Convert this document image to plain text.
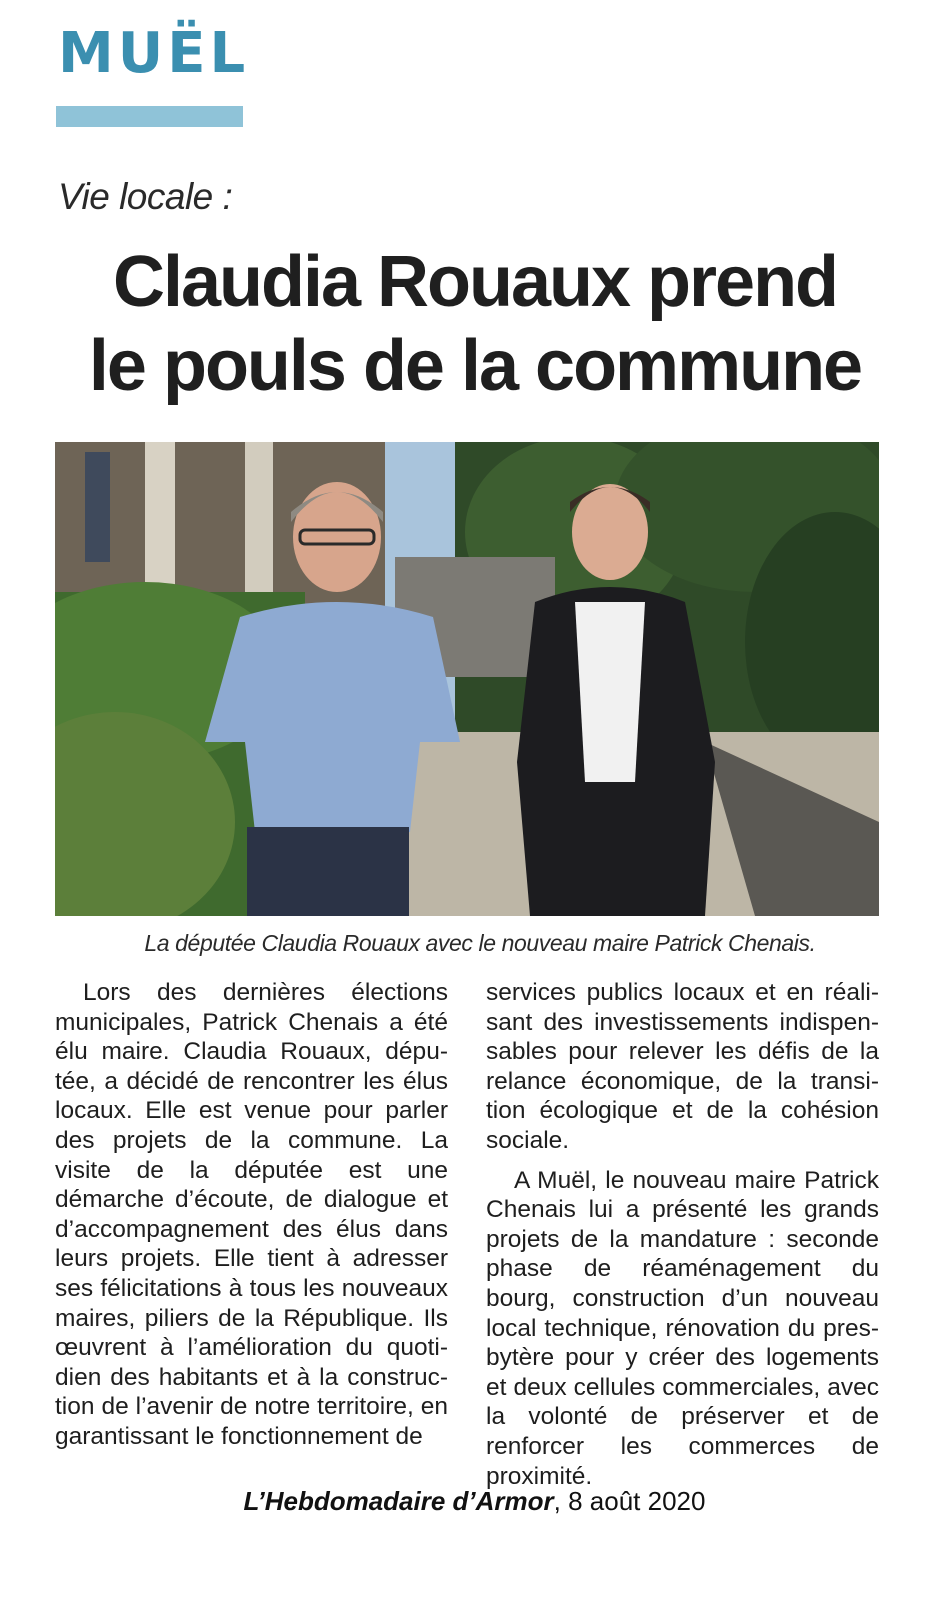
MUËL
Vie locale :
Claudia Rouaux prend
le pouls de la commune
La députée Claudia Rouaux avec le nouveau maire Patrick Chenais.

Lors des dernières élections municipales, Patrick Chenais a été élu maire. Claudia Rouaux, députée, a décidé de rencontrer les élus locaux. Elle est venue pour parler des projets de la commune. La visite de la députée est une démarche d’écoute, de dialogue et d’accompagnement des élus dans leurs projets. Elle tient à adresser ses félicitations à tous les nouveaux maires, piliers de la République. Ils œuvrent à l’amélioration du quotidien des habitants et à la construction de l’avenir de notre territoire, en garantissant le fonctionnement de

services publics locaux et en réalisant des investissements indispensables pour relever les défis de la relance économique, de la transition écologique et de la cohésion sociale.

A Muël, le nouveau maire Patrick Chenais lui a présenté les grands projets de la mandature : seconde phase de réaménagement du bourg, construction d’un nouveau local technique, rénovation du presbytère pour y créer des logements et deux cellules commerciales, avec la volonté de préserver et de renforcer les commerces de proximité.

L’Hebdomadaire d’Armor, 8 août 2020
